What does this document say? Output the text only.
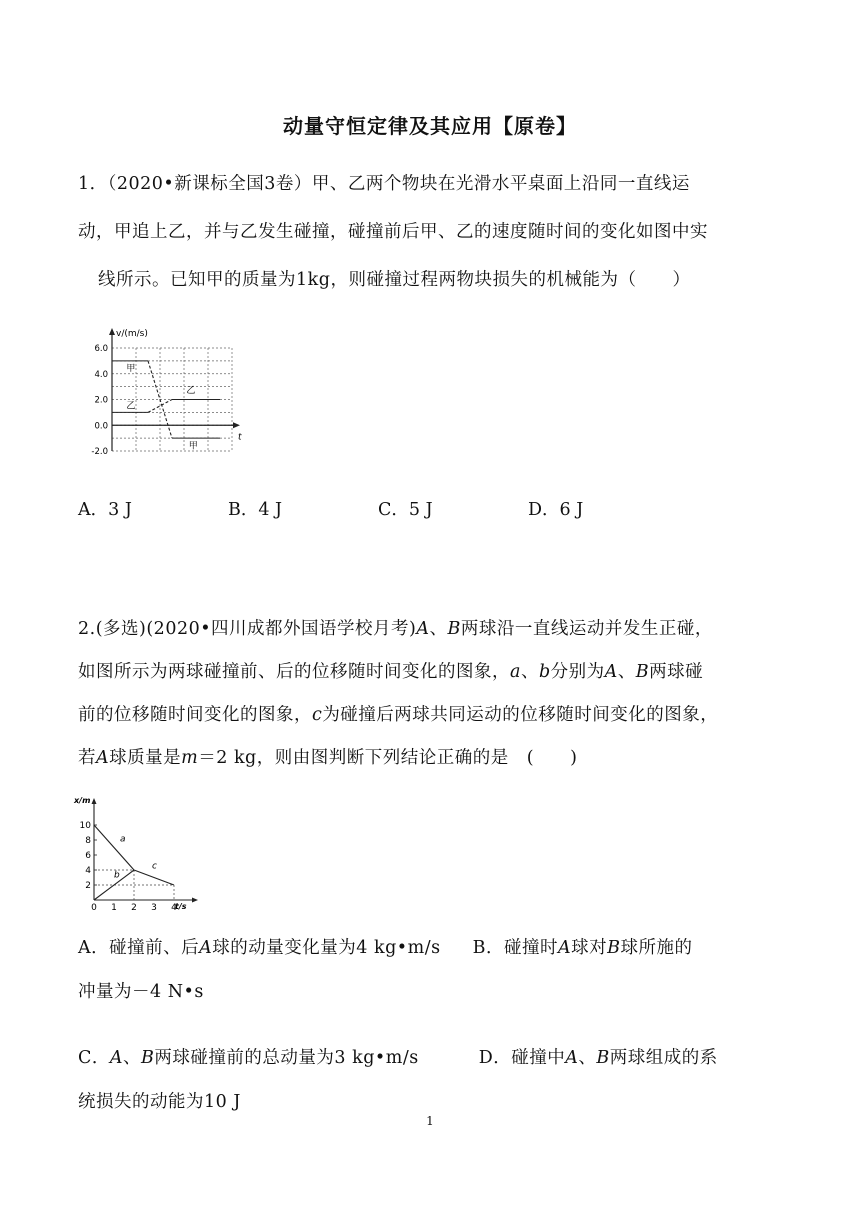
动量守恒定律及其应用【原卷】
1．（2020•新课标全国3卷）甲、乙两个物块在光滑水平桌面上沿同一直线运
动，甲追上乙，并与乙发生碰撞，碰撞前后甲、乙的速度随时间的变化如图中实
线所示。已知甲的质量为1kg，则碰撞过程两物块损失的机械能为（　　）
v/(m/s)
t
6.0
4.0
2.0
0.0
-2.0
甲
乙
乙
甲
A．3 J	B．4 J	C．5 J	D．6 J
2.(多选)(2020•四川成都外国语学校月考)A、B两球沿一直线运动并发生正碰，
如图所示为两球碰撞前、后的位移随时间变化的图象，a、b分别为A、B两球碰
前的位移随时间变化的图象，c为碰撞后两球共同运动的位移随时间变化的图象，
若A球质量是m＝2 kg，则由图判断下列结论正确的是　(　　)
x/m
t/s
10
8
6
4
2
0 1 2 3 4
a
b
c
A．碰撞前、后A球的动量变化量为4 kg•m/s B．碰撞时A球对B球所施的
冲量为－4 N•s
C．A、B两球碰撞前的总动量为3 kg•m/s	D．碰撞中A、B两球组成的系
统损失的动能为10 J
1
